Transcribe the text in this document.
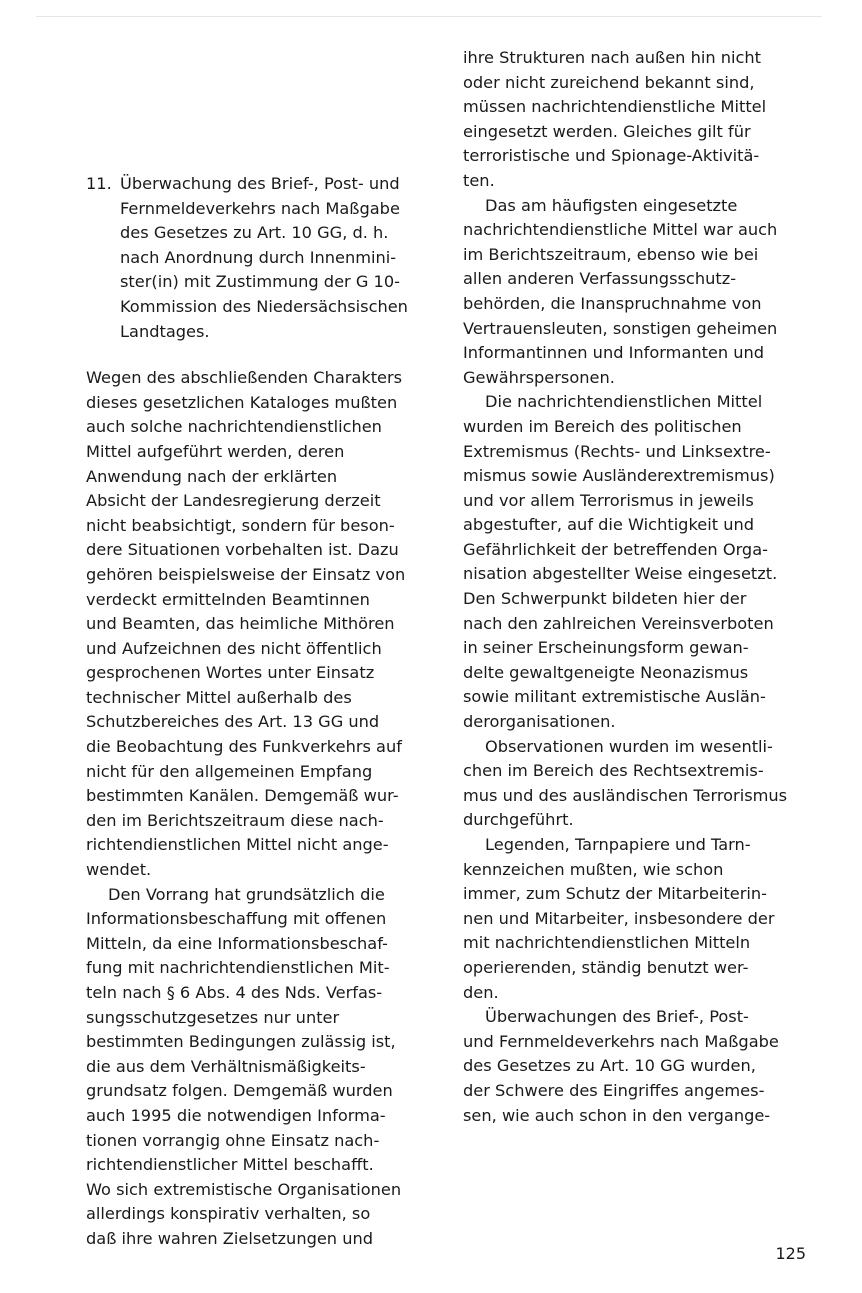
11. Überwachung des Brief-, Post- und
Fernmeldeverkehrs nach Maßgabe
des Gesetzes zu Art. 10 GG, d. h.
nach Anordnung durch Innenmini-
ster(in) mit Zustimmung der G 10-
Kommission des Niedersächsischen
Landtages.
Wegen des abschließenden Charakters
dieses gesetzlichen Kataloges mußten
auch solche nachrichtendienstlichen
Mittel aufgeführt werden, deren
Anwendung nach der erklärten
Absicht der Landesregierung derzeit
nicht beabsichtigt, sondern für beson-
dere Situationen vorbehalten ist. Dazu
gehören beispielsweise der Einsatz von
verdeckt ermittelnden Beamtinnen
und Beamten, das heimliche Mithören
und Aufzeichnen des nicht öffentlich
gesprochenen Wortes unter Einsatz
technischer Mittel außerhalb des
Schutzbereiches des Art. 13 GG und
die Beobachtung des Funkverkehrs auf
nicht für den allgemeinen Empfang
bestimmten Kanälen. Demgemäß wur-
den im Berichtszeitraum diese nach-
richtendienstlichen Mittel nicht ange-
wendet.
Den Vorrang hat grundsätzlich die
Informationsbeschaffung mit offenen
Mitteln, da eine Informationsbeschaf-
fung mit nachrichtendienstlichen Mit-
teln nach § 6 Abs. 4 des Nds. Verfas-
sungsschutzgesetzes nur unter
bestimmten Bedingungen zulässig ist,
die aus dem Verhältnismäßigkeits-
grundsatz folgen. Demgemäß wurden
auch 1995 die notwendigen Informa-
tionen vorrangig ohne Einsatz nach-
richtendienstlicher Mittel beschafft.
Wo sich extremistische Organisationen
allerdings konspirativ verhalten, so
daß ihre wahren Zielsetzungen und
ihre Strukturen nach außen hin nicht
oder nicht zureichend bekannt sind,
müssen nachrichtendienstliche Mittel
eingesetzt werden. Gleiches gilt für
terroristische und Spionage-Aktivitä-
ten.
Das am häufigsten eingesetzte
nachrichtendienstliche Mittel war auch
im Berichtszeitraum, ebenso wie bei
allen anderen Verfassungsschutz-
behörden, die Inanspruchnahme von
Vertrauensleuten, sonstigen geheimen
Informantinnen und Informanten und
Gewährspersonen.
Die nachrichtendienstlichen Mittel
wurden im Bereich des politischen
Extremismus (Rechts- und Linksextre-
mismus sowie Ausländerextremismus)
und vor allem Terrorismus in jeweils
abgestufter, auf die Wichtigkeit und
Gefährlichkeit der betreffenden Orga-
nisation abgestellter Weise eingesetzt.
Den Schwerpunkt bildeten hier der
nach den zahlreichen Vereinsverboten
in seiner Erscheinungsform gewan-
delte gewaltgeneigte Neonazismus
sowie militant extremistische Auslän-
derorganisationen.
Observationen wurden im wesentli-
chen im Bereich des Rechtsextremis-
mus und des ausländischen Terrorismus
durchgeführt.
Legenden, Tarnpapiere und Tarn-
kennzeichen mußten, wie schon
immer, zum Schutz der Mitarbeiterin-
nen und Mitarbeiter, insbesondere der
mit nachrichtendienstlichen Mitteln
operierenden, ständig benutzt wer-
den.
Überwachungen des Brief-, Post-
und Fernmeldeverkehrs nach Maßgabe
des Gesetzes zu Art. 10 GG wurden,
der Schwere des Eingriffes angemes-
sen, wie auch schon in den vergange-
125
